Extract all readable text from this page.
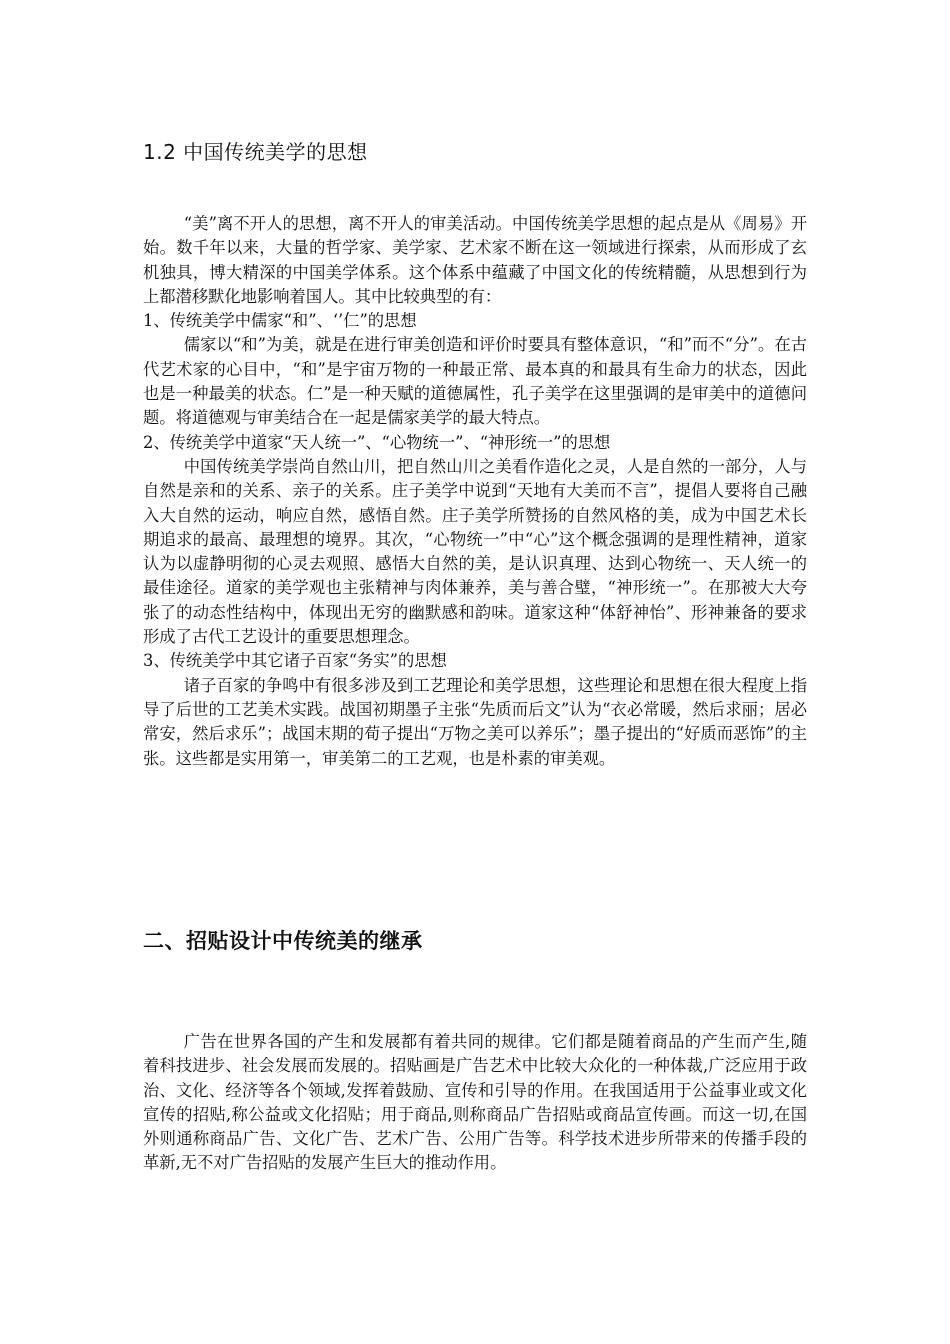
1.2 中国传统美学的思想

“美”离不开人的思想，离不开人的审美活动。中国传统美学思想的起点是从《周易》开始。数千年以来，大量的哲学家、美学家、艺术家不断在这一领域进行探索，从而形成了玄机独具，博大精深的中国美学体系。这个体系中蕴藏了中国文化的传统精髓，从思想到行为上都潜移默化地影响着国人。其中比较典型的有：

1、传统美学中儒家“和”、‘’仁”的思想

儒家以“和”为美，就是在进行审美创造和评价时要具有整体意识，“和”而不“分”。在古代艺术家的心目中，“和”是宇宙万物的一种最正常、最本真的和最具有生命力的状态，因此也是一种最美的状态。仁”是一种天赋的道德属性，孔子美学在这里强调的是审美中的道德问题。将道德观与审美结合在一起是儒家美学的最大特点。

2、传统美学中道家“天人统一”、“心物统一”、“神形统一”的思想

中国传统美学崇尚自然山川，把自然山川之美看作造化之灵，人是自然的一部分，人与自然是亲和的关系、亲子的关系。庄子美学中说到“天地有大美而不言”，提倡人要将自己融入大自然的运动，响应自然，感悟自然。庄子美学所赞扬的自然风格的美，成为中国艺术长期追求的最高、最理想的境界。其次，“心物统一”中“心”这个概念强调的是理性精神，道家认为以虚静明彻的心灵去观照、感悟大自然的美，是认识真理、达到心物统一、天人统一的最佳途径。道家的美学观也主张精神与肉体兼养，美与善合璧，“神形统一”。在那被大大夸张了的动态性结构中，体现出无穷的幽默感和韵味。道家这种“体舒神怡”、形神兼备的要求形成了古代工艺设计的重要思想理念。

3、传统美学中其它诸子百家“务实”的思想

诸子百家的争鸣中有很多涉及到工艺理论和美学思想，这些理论和思想在很大程度上指导了后世的工艺美术实践。战国初期墨子主张“先质而后文”认为“衣必常暖，然后求丽；居必常安，然后求乐”；战国末期的荀子提出“万物之美可以养乐”；墨子提出的“好质而恶饰”的主张。这些都是实用第一，审美第二的工艺观，也是朴素的审美观。

二、招贴设计中传统美的继承

广告在世界各国的产生和发展都有着共同的规律。它们都是随着商品的产生而产生,随着科技进步、社会发展而发展的。招贴画是广告艺术中比较大众化的一种体裁,广泛应用于政治、文化、经济等各个领域,发挥着鼓励、宣传和引导的作用。在我国适用于公益事业或文化宣传的招贴,称公益或文化招贴；用于商品,则称商品广告招贴或商品宣传画。而这一切,在国外则通称商品广告、文化广告、艺术广告、公用广告等。科学技术进步所带来的传播手段的革新,无不对广告招贴的发展产生巨大的推动作用。
